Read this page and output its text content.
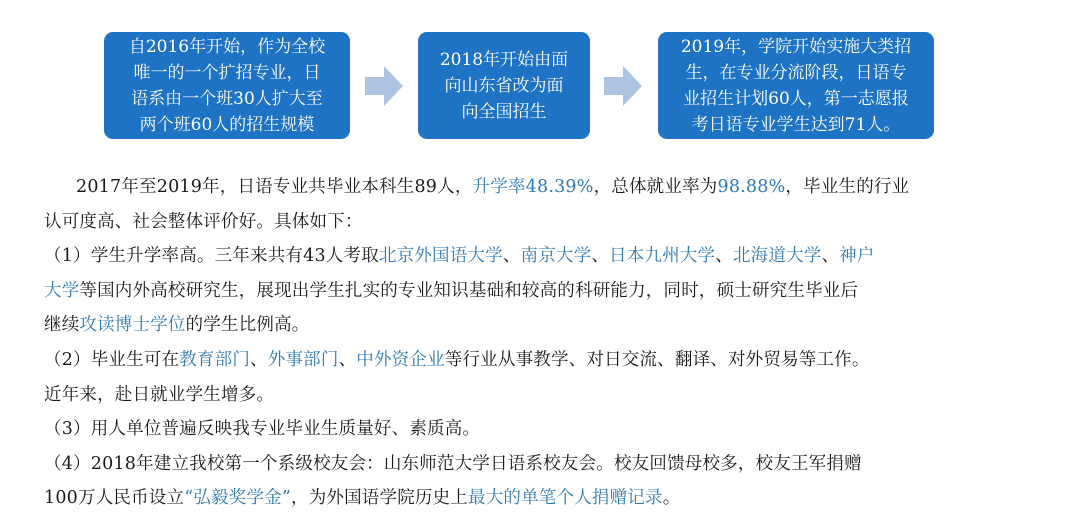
自2016年开始，作为全校
唯一的一个扩招专业，日
语系由一个班30人扩大至
两个班60人的招生规模
2018年开始由面
向山东省改为面
向全国招生
2019年，学院开始实施大类招
生，在专业分流阶段，日语专
业招生计划60人，第一志愿报
考日语专业学生达到71人。
2017年至2019年，日语专业共毕业本科生89人，升学率48.39%，总体就业率为98.88%，毕业生的行业
认可度高、社会整体评价好。具体如下：
（1）学生升学率高。三年来共有43人考取北京外国语大学、南京大学、日本九州大学、北海道大学、神户
大学等国内外高校研究生，展现出学生扎实的专业知识基础和较高的科研能力，同时，硕士研究生毕业后
继续攻读博士学位的学生比例高。
（2）毕业生可在教育部门、外事部门、中外资企业等行业从事教学、对日交流、翻译、对外贸易等工作。
近年来，赴日就业学生增多。
（3）用人单位普遍反映我专业毕业生质量好、素质高。
（4）2018年建立我校第一个系级校友会：山东师范大学日语系校友会。校友回馈母校多，校友王军捐赠
100万人民币设立“弘毅奖学金”，为外国语学院历史上最大的单笔个人捐赠记录。
